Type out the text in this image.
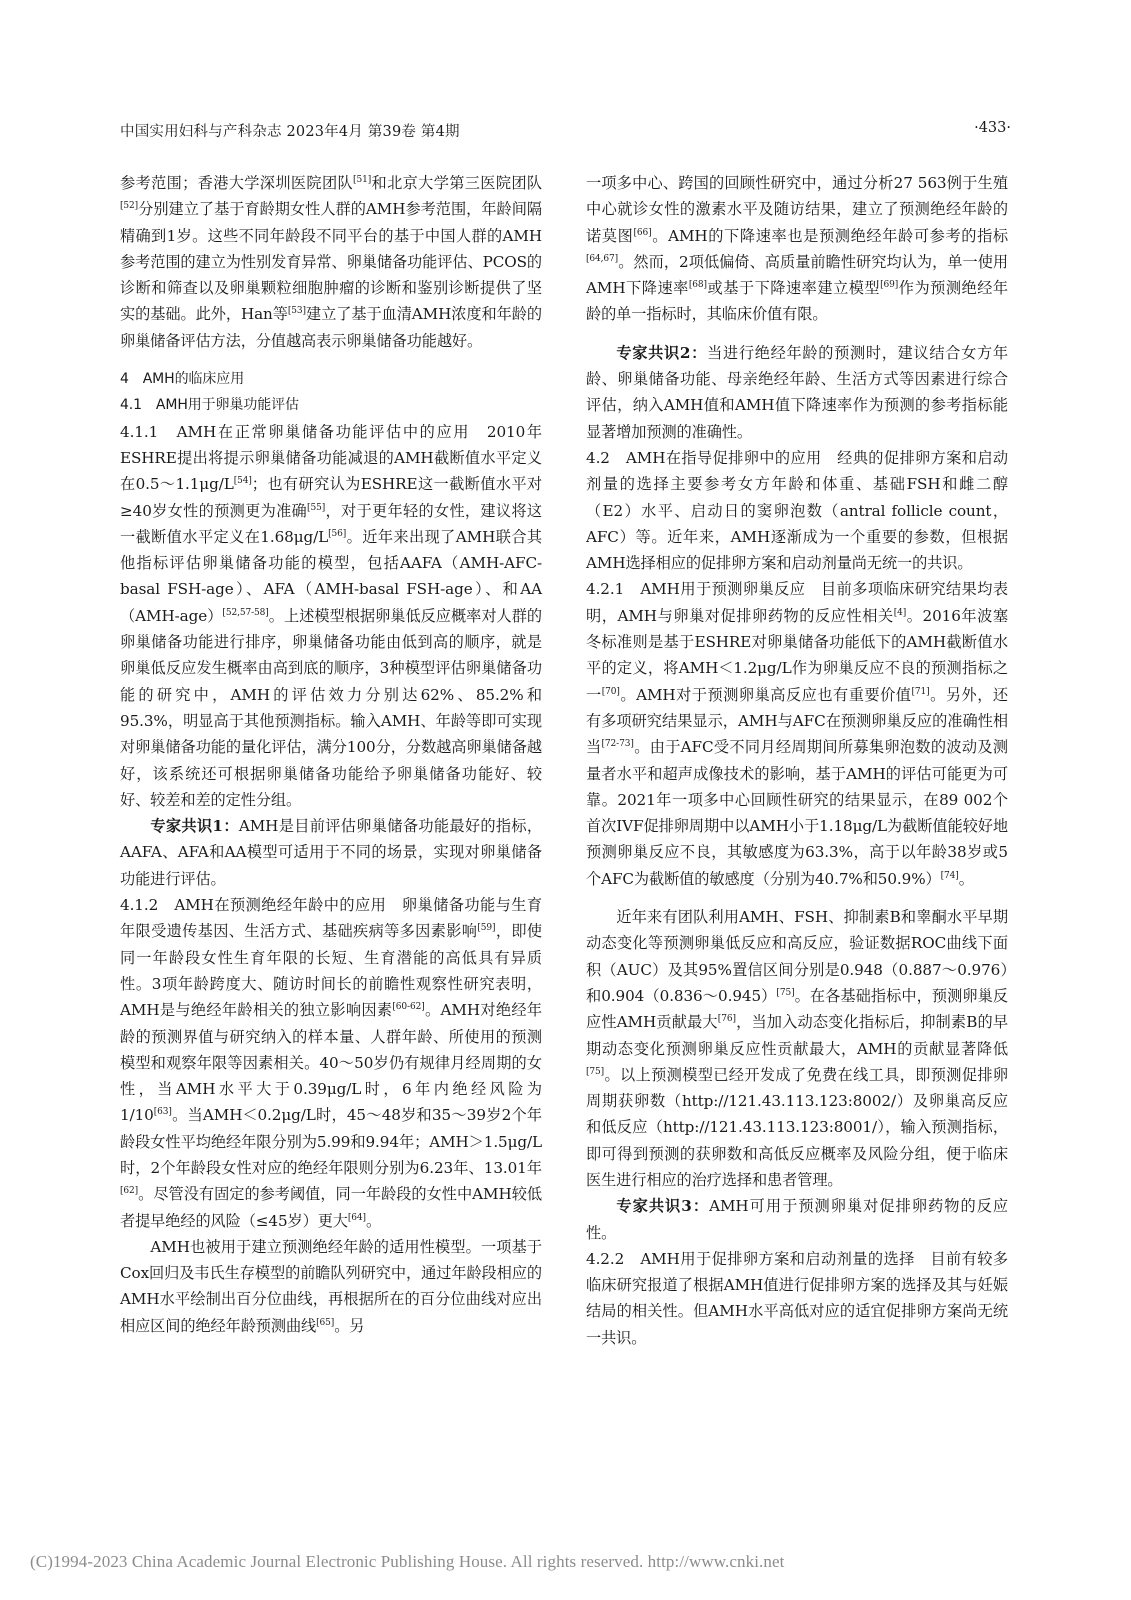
中国实用妇科与产科杂志 2023年4月 第39卷 第4期	·433·

参考范围；香港大学深圳医院团队[51]和北京大学第三医院团队[52]分别建立了基于育龄期女性人群的AMH参考范围，年龄间隔精确到1岁。这些不同年龄段不同平台的基于中国人群的AMH参考范围的建立为性别发育异常、卵巢储备功能评估、PCOS的诊断和筛查以及卵巢颗粒细胞肿瘤的诊断和鉴别诊断提供了坚实的基础。此外，Han等[53]建立了基于血清AMH浓度和年龄的卵巢储备评估方法，分值越高表示卵巢储备功能越好。

4　AMH的临床应用

4.1　AMH用于卵巢功能评估

4.1.1　AMH在正常卵巢储备功能评估中的应用　2010年ESHRE提出将提示卵巢储备功能减退的AMH截断值水平定义在0.5～1.1μg/L[54]；也有研究认为ESHRE这一截断值水平对≥40岁女性的预测更为准确[55]，对于更年轻的女性，建议将这一截断值水平定义在1.68μg/L[56]。近年来出现了AMH联合其他指标评估卵巢储备功能的模型，包括AAFA（AMH-AFC-basal FSH-age）、AFA（AMH-basal FSH-age）、和AA（AMH-age）[52,57-58]。上述模型根据卵巢低反应概率对人群的卵巢储备功能进行排序，卵巢储备功能由低到高的顺序，就是卵巢低反应发生概率由高到底的顺序，3种模型评估卵巢储备功能的研究中，AMH的评估效力分别达62%、85.2%和95.3%，明显高于其他预测指标。输入AMH、年龄等即可实现对卵巢储备功能的量化评估，满分100分，分数越高卵巢储备越好，该系统还可根据卵巢储备功能给予卵巢储备功能好、较好、较差和差的定性分组。

专家共识1：AMH是目前评估卵巢储备功能最好的指标，AAFA、AFA和AA模型可适用于不同的场景，实现对卵巢储备功能进行评估。

4.1.2　AMH在预测绝经年龄中的应用　卵巢储备功能与生育年限受遗传基因、生活方式、基础疾病等多因素影响[59]，即使同一年龄段女性生育年限的长短、生育潜能的高低具有异质性。3项年龄跨度大、随访时间长的前瞻性观察性研究表明，AMH是与绝经年龄相关的独立影响因素[60-62]。AMH对绝经年龄的预测界值与研究纳入的样本量、人群年龄、所使用的预测模型和观察年限等因素相关。40～50岁仍有规律月经周期的女性，当AMH水平大于0.39μg/L时，6年内绝经风险为1/10[63]。当AMH＜0.2μg/L时，45～48岁和35～39岁2个年龄段女性平均绝经年限分别为5.99和9.94年；AMH＞1.5μg/L时，2个年龄段女性对应的绝经年限则分别为6.23年、13.01年[62]。尽管没有固定的参考阈值，同一年龄段的女性中AMH较低者提早绝经的风险（≤45岁）更大[64]。

AMH也被用于建立预测绝经年龄的适用性模型。一项基于Cox回归及韦氏生存模型的前瞻队列研究中，通过年龄段相应的AMH水平绘制出百分位曲线，再根据所在的百分位曲线对应出相应区间的绝经年龄预测曲线[65]。另

一项多中心、跨国的回顾性研究中，通过分析27 563例于生殖中心就诊女性的激素水平及随访结果，建立了预测绝经年龄的诺莫图[66]。AMH的下降速率也是预测绝经年龄可参考的指标[64,67]。然而，2项低偏倚、高质量前瞻性研究均认为，单一使用AMH下降速率[68]或基于下降速率建立模型[69]作为预测绝经年龄的单一指标时，其临床价值有限。

专家共识2：当进行绝经年龄的预测时，建议结合女方年龄、卵巢储备功能、母亲绝经年龄、生活方式等因素进行综合评估，纳入AMH值和AMH值下降速率作为预测的参考指标能显著增加预测的准确性。

4.2　AMH在指导促排卵中的应用　经典的促排卵方案和启动剂量的选择主要参考女方年龄和体重、基础FSH和雌二醇（E2）水平、启动日的窦卵泡数（antral follicle count，AFC）等。近年来，AMH逐渐成为一个重要的参数，但根据AMH选择相应的促排卵方案和启动剂量尚无统一的共识。

4.2.1　AMH用于预测卵巢反应　目前多项临床研究结果均表明，AMH与卵巢对促排卵药物的反应性相关[4]。2016年波塞冬标准则是基于ESHRE对卵巢储备功能低下的AMH截断值水平的定义，将AMH＜1.2μg/L作为卵巢反应不良的预测指标之一[70]。AMH对于预测卵巢高反应也有重要价值[71]。另外，还有多项研究结果显示，AMH与AFC在预测卵巢反应的准确性相当[72-73]。由于AFC受不同月经周期间所募集卵泡数的波动及测量者水平和超声成像技术的影响，基于AMH的评估可能更为可靠。2021年一项多中心回顾性研究的结果显示，在89 002个首次IVF促排卵周期中以AMH小于1.18μg/L为截断值能较好地预测卵巢反应不良，其敏感度为63.3%，高于以年龄38岁或5个AFC为截断值的敏感度（分别为40.7%和50.9%）[74]。

近年来有团队利用AMH、FSH、抑制素B和睾酮水平早期动态变化等预测卵巢低反应和高反应，验证数据ROC曲线下面积（AUC）及其95%置信区间分别是0.948（0.887～0.976）和0.904（0.836～0.945）[75]。在各基础指标中，预测卵巢反应性AMH贡献最大[76]，当加入动态变化指标后，抑制素B的早期动态变化预测卵巢反应性贡献最大，AMH的贡献显著降低[75]。以上预测模型已经开发成了免费在线工具，即预测促排卵周期获卵数（http://121.43.113.123:8002/）及卵巢高反应和低反应（http://121.43.113.123:8001/），输入预测指标，即可得到预测的获卵数和高低反应概率及风险分组，便于临床医生进行相应的治疗选择和患者管理。

专家共识3：AMH可用于预测卵巢对促排卵药物的反应性。

4.2.2　AMH用于促排卵方案和启动剂量的选择　目前有较多临床研究报道了根据AMH值进行促排卵方案的选择及其与妊娠结局的相关性。但AMH水平高低对应的适宜促排卵方案尚无统一共识。

(C)1994-2023 China Academic Journal Electronic Publishing House. All rights reserved. http://www.cnki.net
